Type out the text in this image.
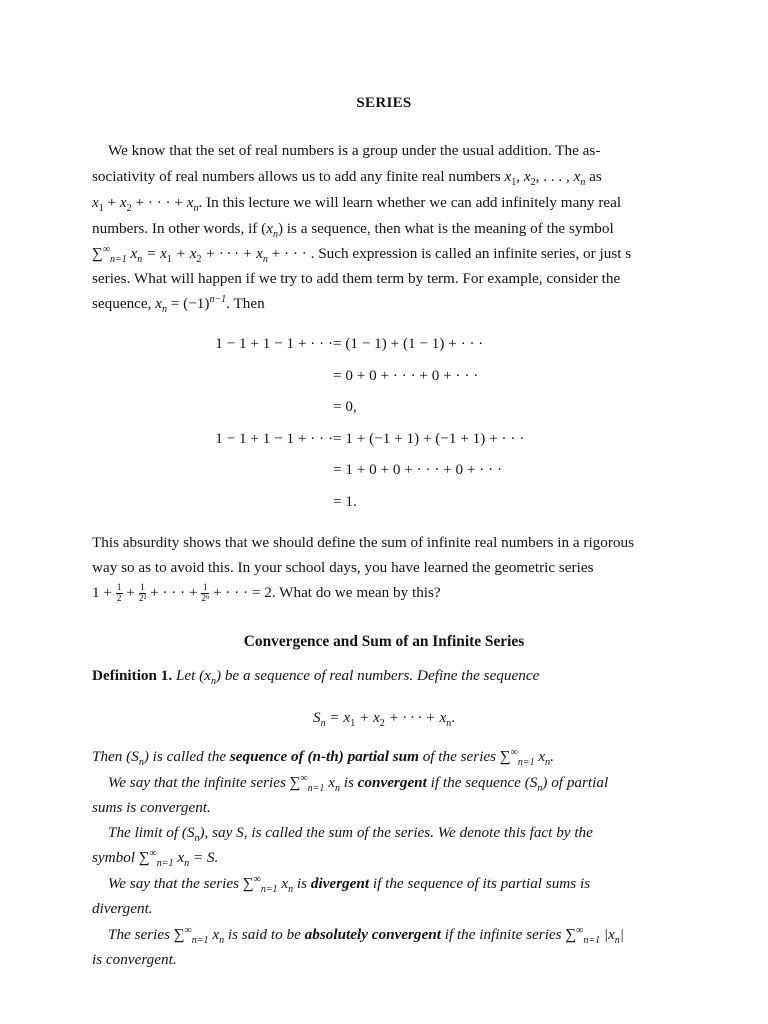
SERIES
We know that the set of real numbers is a group under the usual addition. The as-
sociativity of real numbers allows us to add any finite real numbers $x_1$, $x_2$, . . . , $x_n$ as
$x_1 + x_2$ + · · · + $x_n$. In this lecture we will learn whether we can add infinitely many real
numbers. In other words, if $(x_n)$ is a sequence, then what is the meaning of the symbol
$\sum^\infty_{n=1}$ $x_n = x_1 + x_2$ + · · · + $x_n$ + · · · . Such expression is called an infinite series, or just s
series. What will happen if we try to add them term by term. For example, consider the
sequence, $x_n = (-1)^{n-1}$. Then
1 − 1 + 1 − 1 + · · · = (1 − 1) + (1 − 1) + · · ·
= 0 + 0 + · · · + 0 + · · ·
= 0,
1 − 1 + 1 − 1 + · · · = 1 + (−1 + 1) + (−1 + 1) + · · ·
= 1 + 0 + 0 + · · · + 0 + · · ·
= 1.
This absurdity shows that we should define the sum of infinite real numbers in a rigorous
way so as to avoid this. In your school days, you have learned the geometric series
$1 + \frac{1}{2} + \frac{1}{\text{2²}}$ + · · · + $\frac{1}{\text{2ⁿ}}$ + · · · = 2. What do we mean by this?
Convergence and Sum of an Infinite Series
Definition 1. Let $(x_n)$ be a sequence of real numbers. Define the sequence
$S_n = x_1 + x_2$ + · · · + $x_n$.
Then $(S_n)$ is called the sequence of (n-th) partial sum of the series $\sum^\infty_{n=1}$ $x_n$.
We say that the infinite series $\sum^\infty_{n=1}$ $x_n$ is convergent if the sequence $(S_n)$ of partial
sums is convergent.
The limit of $(S_n)$, say S, is called the sum of the series. We denote this fact by the
symbol $\sum^\infty_{n=1}$ $x_n = S$.
We say that the series $\sum^\infty_{n=1}$ $x_n$ is divergent if the sequence of its partial sums is
divergent.
The series $\sum^\infty_{n=1}$ $x_n$ is said to be absolutely convergent if the infinite series $\sum^\infty_{n=1}$ $|x_n|$
is convergent.
